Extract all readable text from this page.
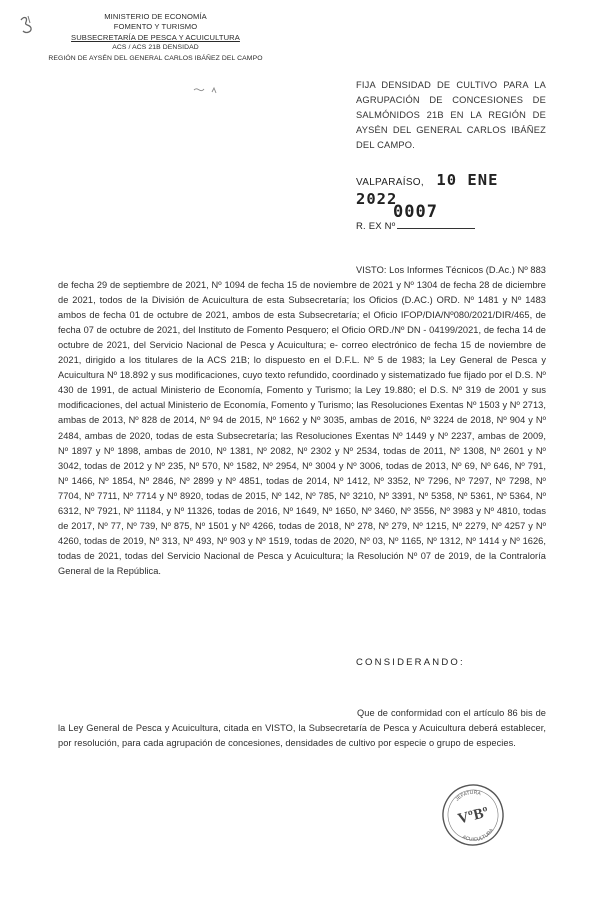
MINISTERIO DE ECONOMÍA
FOMENTO Y TURISMO
SUBSECRETARÍA DE PESCA Y ACUICULTURA
ACS / ACS 21B DENSIDAD
REGIÓN DE AYSÉN DEL GENERAL CARLOS IBÁÑEZ DEL CAMPO
FIJA DENSIDAD DE CULTIVO PARA LA AGRUPACIÓN DE CONCESIONES DE SALMÓNIDOS 21B EN LA REGIÓN DE AYSÉN DEL GENERAL CARLOS IBÁÑEZ DEL CAMPO.
VALPARAÍSO, 10 ENE 2022
0007
R. EX Nº
VISTO: Los Informes Técnicos (D.Ac.) Nº 883 de fecha 29 de septiembre de 2021, Nº 1094 de fecha 15 de noviembre de 2021 y Nº 1304 de fecha 28 de diciembre de 2021, todos de la División de Acuicultura de esta Subsecretaría; los Oficios (D.AC.) ORD. Nº 1481 y Nº 1483 ambos de fecha 01 de octubre de 2021, ambos de esta Subsecretaría; el Oficio IFOP/DIA/Nº080/2021/DIR/465, de fecha 07 de octubre de 2021, del Instituto de Fomento Pesquero; el Oficio ORD./Nº DN - 04199/2021, de fecha 14 de octubre de 2021, del Servicio Nacional de Pesca y Acuicultura; e- correo electrónico de fecha 15 de noviembre de 2021, dirigido a los titulares de la ACS 21B; lo dispuesto en el D.F.L. Nº 5 de 1983; la Ley General de Pesca y Acuicultura Nº 18.892 y sus modificaciones, cuyo texto refundido, coordinado y sistematizado fue fijado por el D.S. Nº 430 de 1991, de actual Ministerio de Economía, Fomento y Turismo; la Ley 19.880; el D.S. Nº 319 de 2001 y sus modificaciones, del actual Ministerio de Economía, Fomento y Turismo; las Resoluciones Exentas Nº 1503 y Nº 2713, ambas de 2013, Nº 828 de 2014, Nº 94 de 2015, Nº 1662 y Nº 3035, ambas de 2016, Nº 3224 de 2018, Nº 904 y Nº 2484, ambas de 2020, todas de esta Subsecretaría; las Resoluciones Exentas Nº 1449 y Nº 2237, ambas de 2009, Nº 1897 y Nº 1898, ambas de 2010, Nº 1381, Nº 2082, Nº 2302 y Nº 2534, todas de 2011, Nº 1308, Nº 2601 y Nº 3042, todas de 2012 y Nº 235, Nº 570, Nº 1582, Nº 2954, Nº 3004 y Nº 3006, todas de 2013, Nº 69, Nº 646, Nº 791, Nº 1466, Nº 1854, Nº 2846, Nº 2899 y Nº 4851, todas de 2014, Nº 1412, Nº 3352, Nº 7296, Nº 7297, Nº 7298, Nº 7704, Nº 7711, Nº 7714 y Nº 8920, todas de 2015, Nº 142, Nº 785, Nº 3210, Nº 3391, Nº 5358, Nº 5361, Nº 5364, Nº 6312, Nº 7921, Nº 11184, y Nº 11326, todas de 2016, Nº 1649, Nº 1650, Nº 3460, Nº 3556, Nº 3983 y Nº 4810, todas de 2017, Nº 77, Nº 739, Nº 875, Nº 1501 y Nº 4266, todas de 2018, Nº 278, Nº 279, Nº 1215, Nº 2279, Nº 4257 y Nº 4260, todas de 2019, Nº 313, Nº 493, Nº 903 y Nº 1519, todas de 2020, Nº 03, Nº 1165, Nº 1312, Nº 1414 y Nº 1626, todas de 2021, todas del Servicio Nacional de Pesca y Acuicultura; la Resolución Nº 07 de 2019, de la Contraloría General de la República.
CONSIDERANDO:
Que de conformidad con el artículo 86 bis de la Ley General de Pesca y Acuicultura, citada en VISTO, la Subsecretaría de Pesca y Acuicultura deberá establecer, por resolución, para cada agrupación de concesiones, densidades de cultivo por especie o grupo de especies.
JEFATURA
ACUICULTURA
VºBº
